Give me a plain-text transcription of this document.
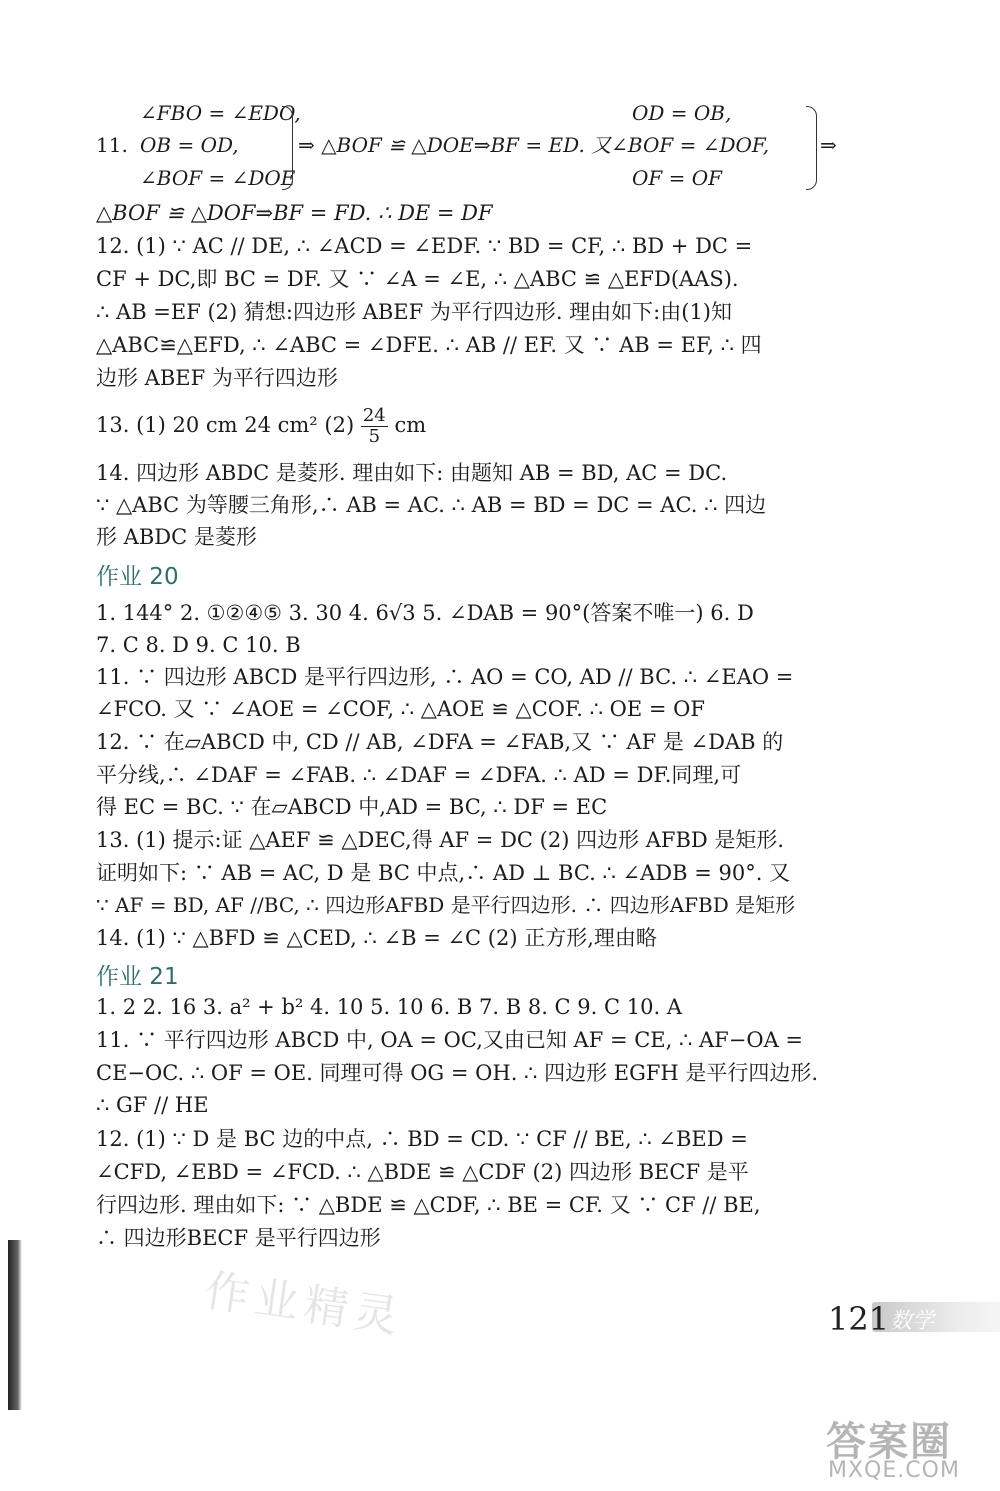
11.
∠FBO = ∠EDO,
OB = OD,
∠BOF = ∠DOE
⇒ △BOF ≌ △DOE⇒BF = ED. 又∠BOF = ∠DOF,
OD = OB,
OF = OF
⇒
△BOF ≌ △DOF⇒BF = FD. ∴ DE = DF
12. (1) ∵ AC // DE, ∴ ∠ACD = ∠EDF. ∵ BD = CF, ∴ BD + DC =
CF + DC,即 BC = DF. 又 ∵ ∠A = ∠E, ∴ △ABC ≌ △EFD(AAS).
∴ AB =EF (2) 猜想:四边形 ABEF 为平行四边形. 理由如下:由(1)知
△ABC≌△EFD, ∴ ∠ABC = ∠DFE. ∴ AB // EF. 又 ∵ AB = EF, ∴ 四
边形 ABEF 为平行四边形
13. (1) 20 cm 24 cm² $(2) \frac{24}{5}$ cm
14. 四边形 ABDC 是菱形. 理由如下: 由题知 AB = BD, AC = DC.
∵ △ABC 为等腰三角形,∴ AB = AC. ∴ AB = BD = DC = AC. ∴ 四边
形 ABDC 是菱形
作业 20
1. 144° 2. ①②④⑤ 3. 30 4. 6√3 5. ∠DAB = 90°(答案不唯一) 6. D
7. C 8. D 9. C 10. B
11. ∵ 四边形 ABCD 是平行四边形, ∴ AO = CO, AD // BC. ∴ ∠EAO =
∠FCO. 又 ∵ ∠AOE = ∠COF, ∴ △AOE ≌ △COF. ∴ OE = OF
12. ∵ 在▱ABCD 中, CD // AB, ∠DFA = ∠FAB,又 ∵ AF 是 ∠DAB 的
平分线,∴ ∠DAF = ∠FAB. ∴ ∠DAF = ∠DFA. ∴ AD = DF.同理,可
得 EC = BC. ∵ 在▱ABCD 中,AD = BC, ∴ DF = EC
13. (1) 提示:证 △AEF ≌ △DEC,得 AF = DC (2) 四边形 AFBD 是矩形.
证明如下: ∵ AB = AC, D 是 BC 中点,∴ AD ⊥ BC. ∴ ∠ADB = 90°. 又
∵ AF = BD, AF //BC, ∴ 四边形AFBD 是平行四边形. ∴ 四边形AFBD 是矩形
14. (1) ∵ △BFD ≌ △CED, ∴ ∠B = ∠C (2) 正方形,理由略
作业 21
1. 2 2. 16 3. a² + b² 4. 10 5. 10 6. B 7. B 8. C 9. C 10. A
11. ∵ 平行四边形 ABCD 中, OA = OC,又由已知 AF = CE, ∴ AF−OA =
CE−OC. ∴ OF = OE. 同理可得 OG = OH. ∴ 四边形 EGFH 是平行四边形.
∴ GF // HE
12. (1) ∵ D 是 BC 边的中点, ∴ BD = CD. ∵ CF // BE, ∴ ∠BED =
∠CFD, ∠EBD = ∠FCD. ∴ △BDE ≌ △CDF (2) 四边形 BECF 是平
行四边形. 理由如下: ∵ △BDE ≌ △CDF, ∴ BE = CF. 又 ∵ CF // BE,
∴ 四边形BECF 是平行四边形
作业精灵	数学
121
答案圈
MXQE.COM
